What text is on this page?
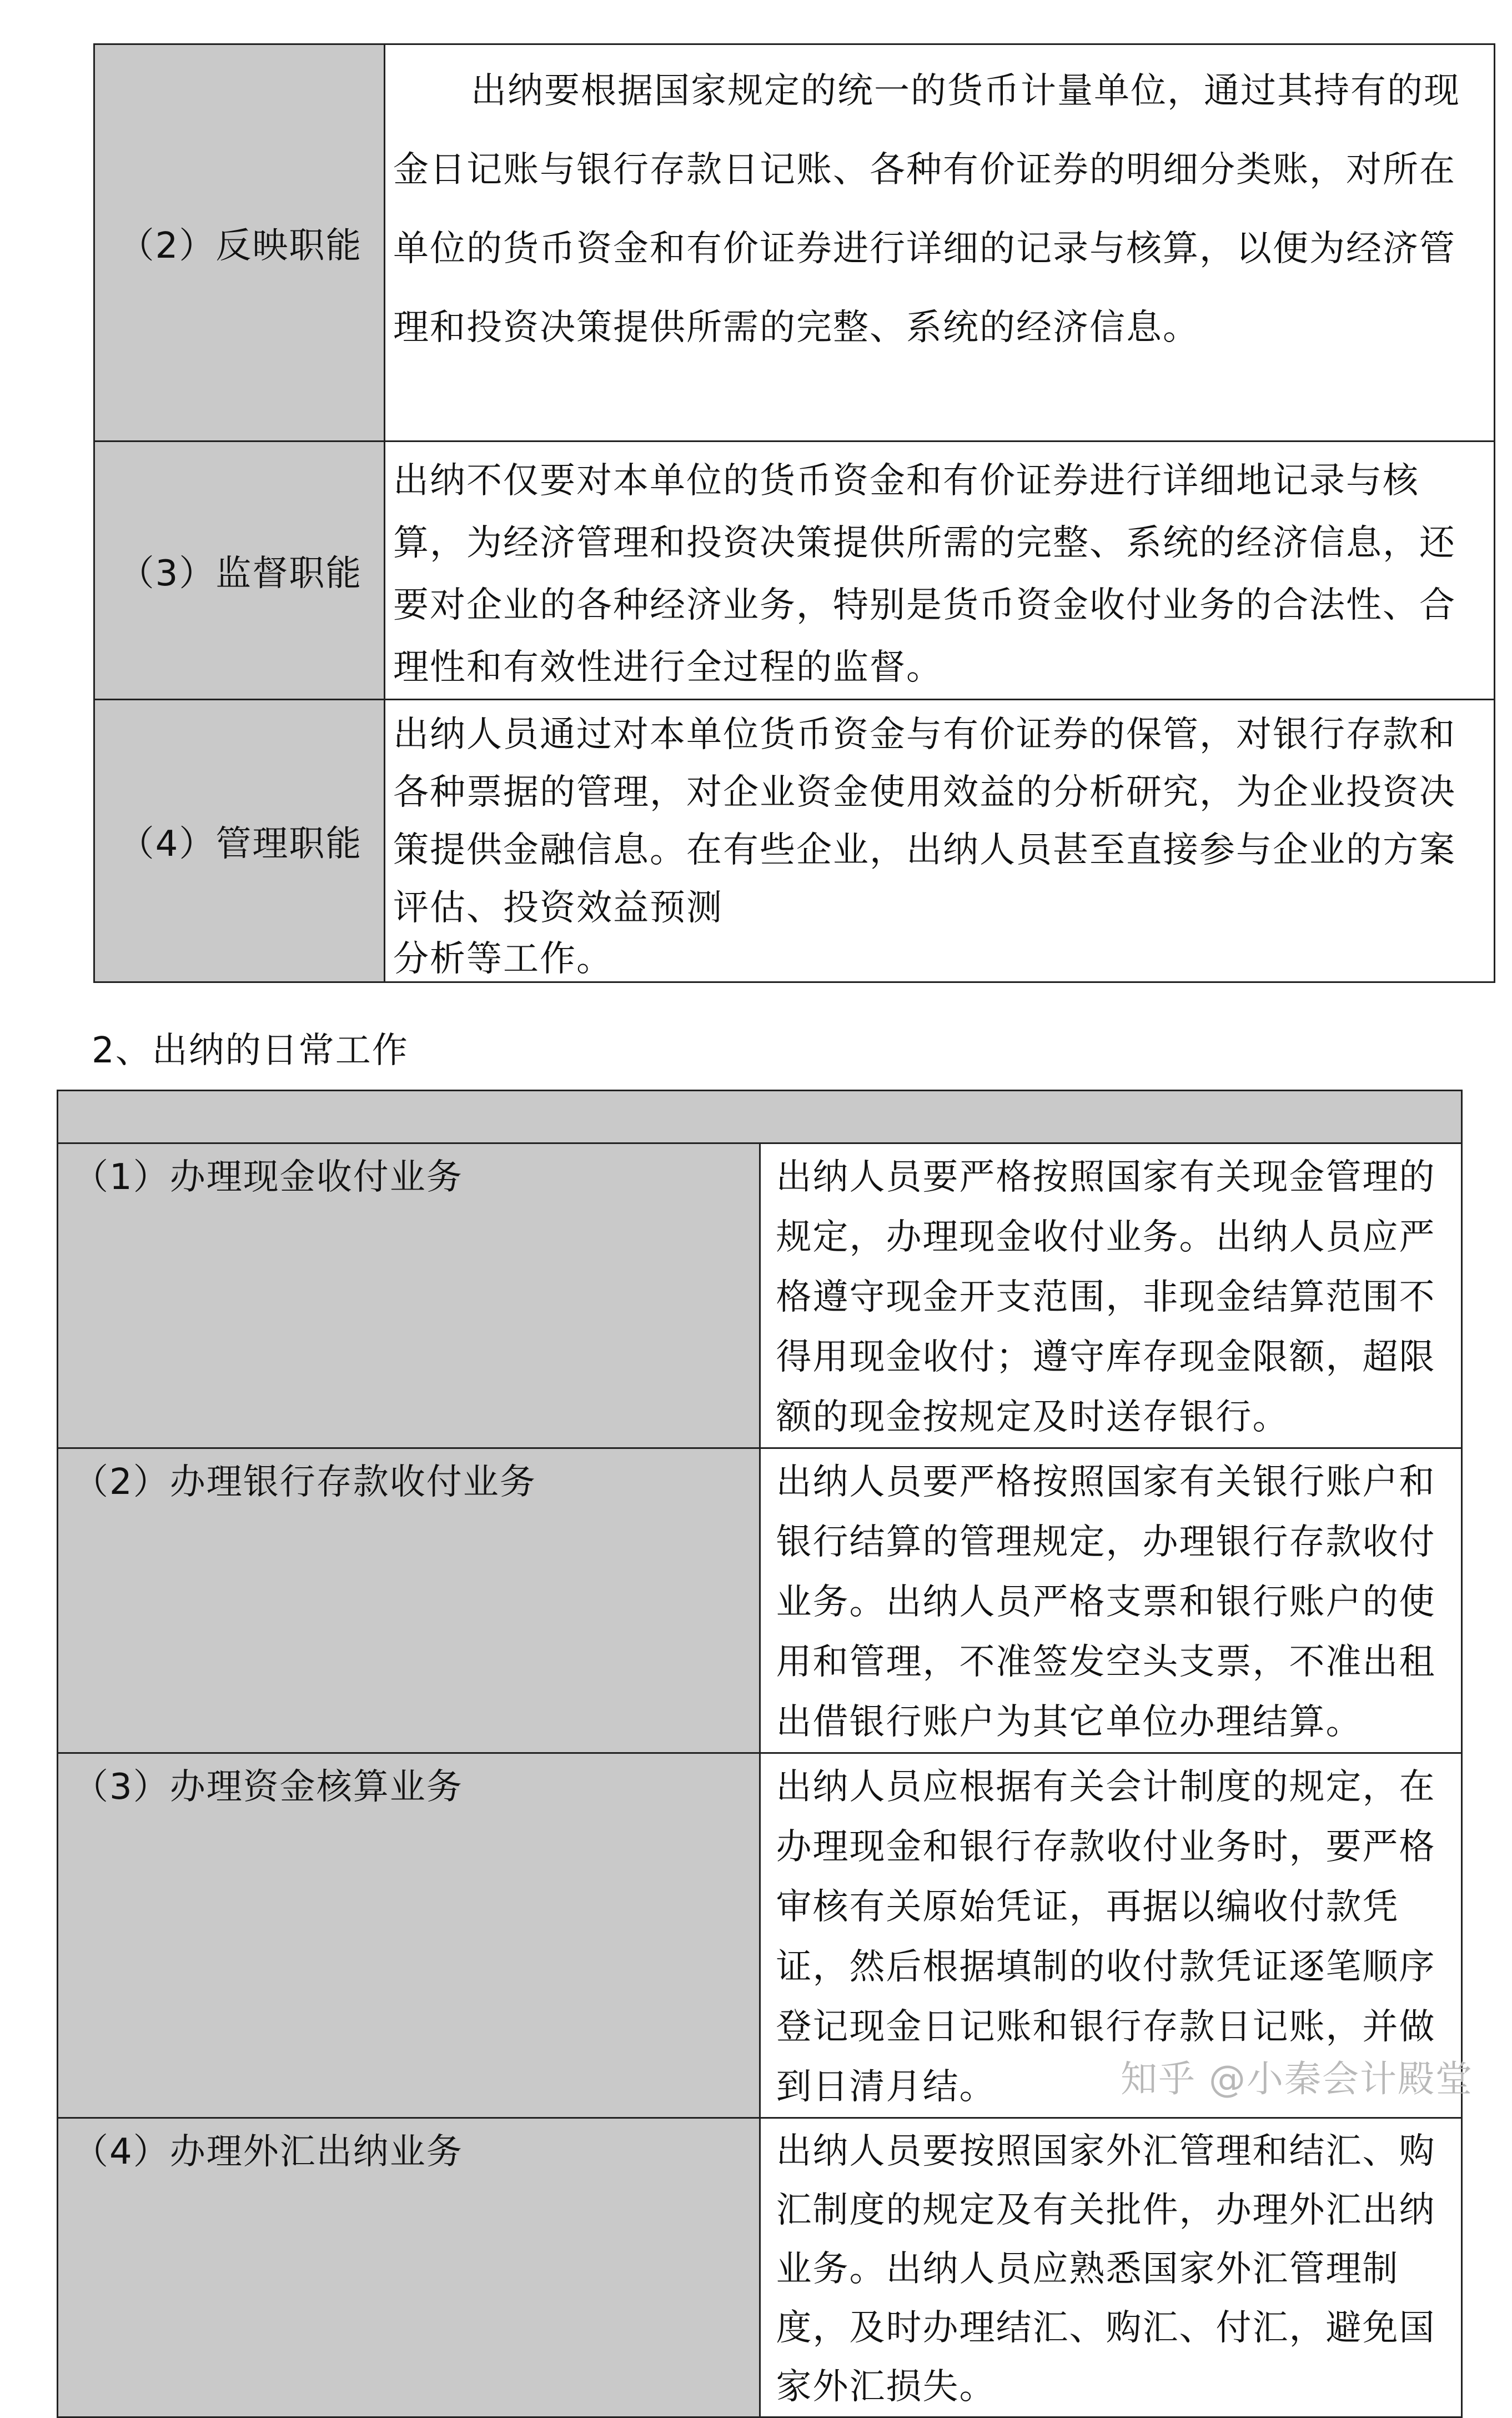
（2）反映职能	出纳要根据国家规定的统一的货币计量单位，通过其持有的现金日记账与银行存款日记账、各种有价证券的明细分类账，对所在单位的货币资金和有价证券进行详细的记录与核算，以便为经济管理和投资决策提供所需的完整、系统的经济信息。

（3）监督职能	出纳不仅要对本单位的货币资金和有价证券进行详细地记录与核算，为经济管理和投资决策提供所需的完整、系统的经济信息，还要对企业的各种经济业务，特别是货币资金收付业务的合法性、合理性和有效性进行全过程的监督。

（4）管理职能	出纳人员通过对本单位货币资金与有价证券的保管，对银行存款和各种票据的管理，对企业资金使用效益的分析研究，为企业投资决策提供金融信息。在有些企业，出纳人员甚至直接参与企业的方案评估、投资效益预测
分析等工作。
2、出纳的日常工作

（1）办理现金收付业务	出纳人员要严格按照国家有关现金管理的规定，办理现金收付业务。出纳人员应严格遵守现金开支范围，非现金结算范围不得用现金收付；遵守库存现金限额，超限额的现金按规定及时送存银行。

（2）办理银行存款收付业务	出纳人员要严格按照国家有关银行账户和银行结算的管理规定，办理银行存款收付业务。出纳人员严格支票和银行账户的使用和管理，不准签发空头支票，不准出租出借银行账户为其它单位办理结算。

（3）办理资金核算业务	出纳人员应根据有关会计制度的规定，在办理现金和银行存款收付业务时，要严格审核有关原始凭证，再据以编收付款凭证，然后根据填制的收付款凭证逐笔顺序登记现金日记账和银行存款日记账，并做到日清月结。

（4）办理外汇出纳业务	出纳人员要按照国家外汇管理和结汇、购汇制度的规定及有关批件，办理外汇出纳业务。出纳人员应熟悉国家外汇管理制度，及时办理结汇、购汇、付汇，避免国家外汇损失。
知乎 @小秦会计殿堂
